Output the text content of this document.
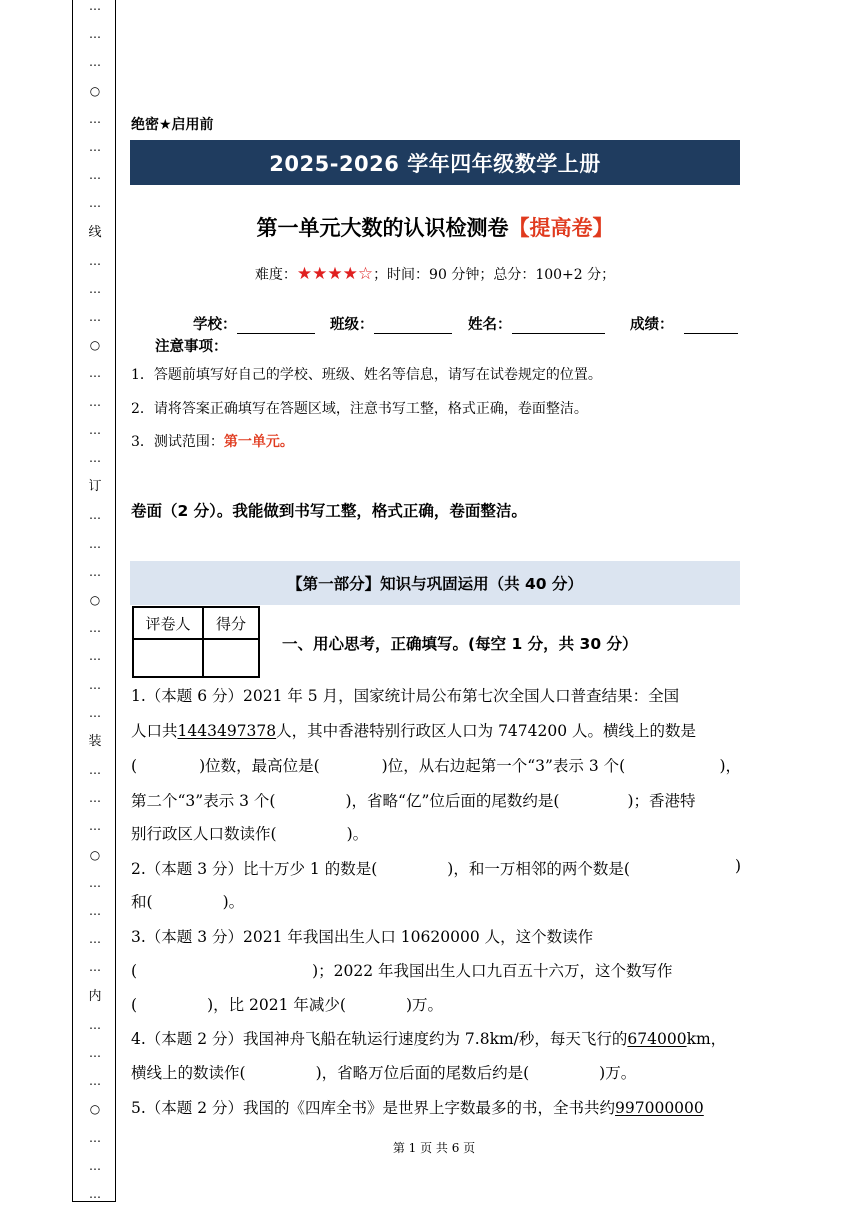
…
…
…
○
…
…
…
…
线
…
…
…
○
…
…
…
…
订
…
…
…
○
…
…
…
…
装
…
…
…
○
…
…
…
…
内
…
…
…
○
…
…
…
绝密★启用前
2025-2026 学年四年级数学上册
第一单元大数的认识检测卷【提高卷】
难度：★★★★☆；时间：90 分钟；总分：100+2 分；
学校：	班级：	姓名：	成绩：
注意事项：
1．答题前填写好自己的学校、班级、姓名等信息，请写在试卷规定的位置。
2．请将答案正确填写在答题区域，注意书写工整，格式正确，卷面整洁。
3．测试范围：第一单元。
卷面（2 分）。我能做到书写工整，格式正确，卷面整洁。
【第一部分】知识与巩固运用（共 40 分）
评卷人	得分

一、用心思考，正确填写。(每空 1 分，共 30 分）
1.（本题 6 分）2021 年 5 月，国家统计局公布第七次全国人口普查结果：全国
人口共1443497378人，其中香港特别行政区人口为 7474200 人。横线上的数是
(	)位数，最高位是(	)位，从右边起第一个“3”表示 3 个(	)，
第二个“3”表示 3 个(	)，省略“亿”位后面的尾数约是(	)；香港特
别行政区人口数读作(	)。
2.（本题 3 分）比十万少 1 的数是(	)，和一万相邻的两个数是(	)
和(	)。
3.（本题 3 分）2021 年我国出生人口 10620000 人，这个数读作
(	)；2022 年我国出生人口九百五十六万，这个数写作
(	)，比 2021 年减少(	)万。
4.（本题 2 分）我国神舟飞船在轨运行速度约为 7.8km/秒，每天飞行的674000km，
横线上的数读作(	)，省略万位后面的尾数后约是(	)万。
5.（本题 2 分）我国的《四库全书》是世界上字数最多的书，全书共约997000000
第 1 页 共 6 页
